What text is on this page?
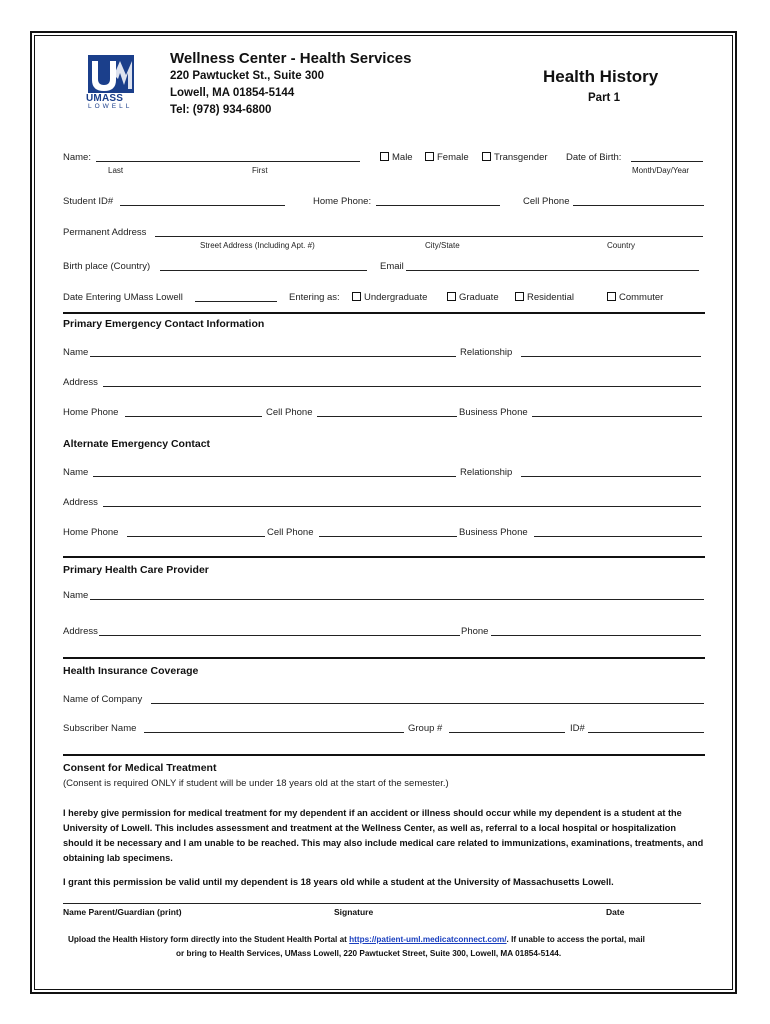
UMASS
LOWELL
Wellness Center - Health Services
220 Pawtucket St., Suite 300
Lowell, MA 01854-5144
Tel: (978) 934-6800
Health History
Part 1
Name:
Last	First
Male	Female	Transgender Date of Birth:
Month/Day/Year
Student ID#	Home Phone:	Cell Phone
Permanent Address
Street Address (Including Apt. #)	City/State	Country
Birth place (Country)	Email
Date Entering UMass Lowell	Entering as:	Undergraduate	Graduate	Residential	Commuter
Primary Emergency Contact Information
Name	Relationship
Address
Home Phone	Cell Phone	Business Phone
Alternate Emergency Contact
Name	Relationship
Address
Home Phone	Cell Phone	Business Phone
Primary Health Care Provider
Name
Address	Phone
Health Insurance Coverage
Name of Company
Subscriber Name	Group #	ID#
Consent for Medical Treatment
(Consent is required ONLY if student will be under 18 years old at the start of the semester.)
I hereby give permission for medical treatment for my dependent if an accident or illness should occur while my dependent is a student at the University of Lowell. This includes assessment and treatment at the Wellness Center, as well as, referral to a local hospital or hospitalization should it be necessary and I am unable to be reached. This may also include medical care related to immunizations, examinations, treatments, and obtaining lab specimens.
I grant this permission be valid until my dependent is 18 years old while a student at the University of Massachusetts Lowell.
Name Parent/Guardian (print)	Signature	Date
Upload the Health History form directly into the Student Health Portal at https://patient-uml.medicatconnect.com/. If unable to access the portal, mail
or bring to Health Services, UMass Lowell, 220 Pawtucket Street, Suite 300, Lowell, MA 01854-5144.
